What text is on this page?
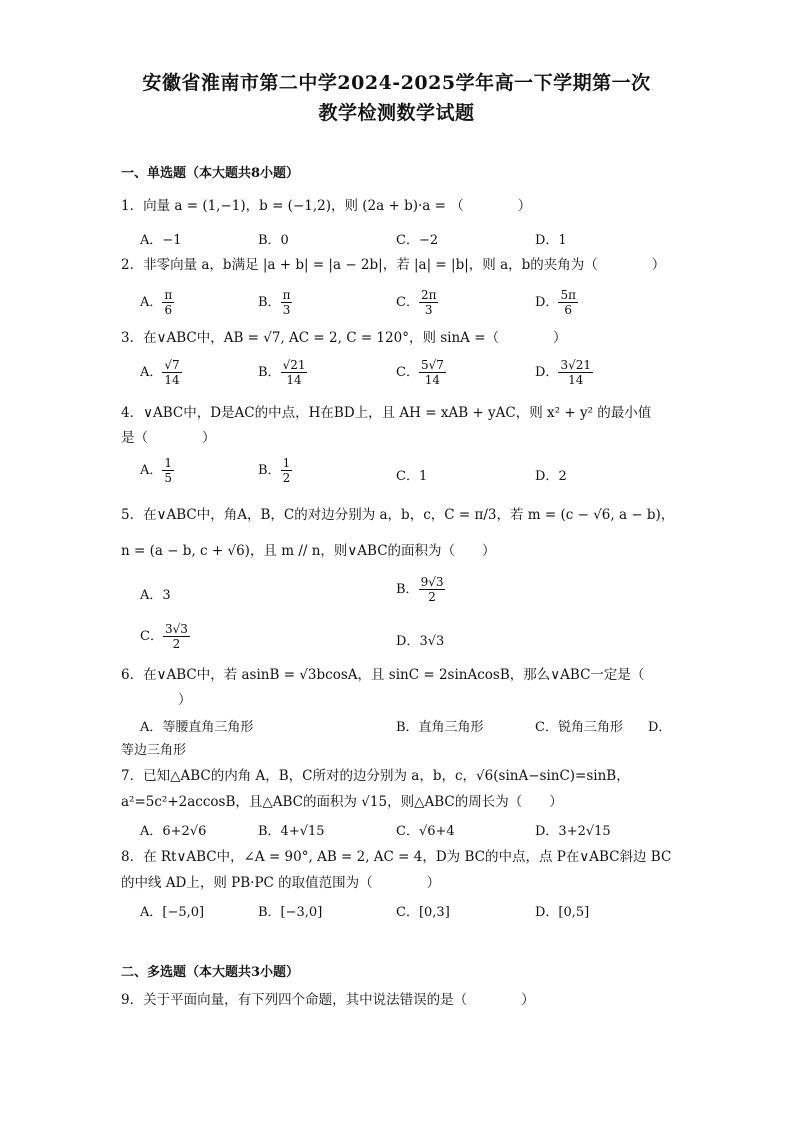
安徽省淮南市第二中学2024-2025学年高一下学期第一次
教学检测数学试题
一、单选题（本大题共8小题）
1．向量 a = (1,−1)，b = (−1,2)，则 (2a + b)·a = （　　　　）
A．−1	B．0	C．−2	D．1
2．非零向量 a，b满足 |a + b| = |a − 2b|，若 |a| = |b|，则 a，b的夹角为（　　　　）
A． $\frac{\pi}{6}$	B． $\frac{\pi}{3}$	C． $\frac{2\pi}{3}$	D． $\frac{5\pi}{6}$
3．在∨ABC中，AB = √7, AC = 2, C = 120°，则 sinA =（　　　　）
A． $\frac{√7}{14}$	B． $\frac{√21}{14}$	C． $\frac{5√7}{14}$	D． $\frac{3√21}{14}$
4．∨ABC中，D是AC的中点，H在BD上，且 AH = xAB + yAC，则 x² + y² 的最小值
是（　　　　）
A． $\frac{1}{5}$	B． $\frac{1}{2}$	C．1	D．2
5．在∨ABC中，角A，B，C的对边分别为 a，b，c，C = π/3，若 m = (c − √6, a − b)，
n = (a − b, c + √6)，且 m // n，则∨ABC的面积为（　　）
A．3	B． $\frac{9√3}{2}$
C． $\frac{3√3}{2}$	D．3√3
6．在∨ABC中，若 asinB = √3bcosA，且 sinC = 2sinAcosB，那么∨ABC一定是（
）
A．等腰直角三角形	B．直角三角形	C．锐角三角形 D．
等边三角形
7．已知△ABC的内角 A，B，C所对的边分别为 a，b，c，√6(sinA−sinC)=sinB，
a²=5c²+2accosB，且△ABC的面积为 √15，则△ABC的周长为（　　）
A．6+2√6	B．4+√15	C．√6+4	D．3+2√15
8．在 Rt∨ABC中，∠A = 90°, AB = 2, AC = 4，D为 BC的中点，点 P在∨ABC斜边 BC
的中线 AD上，则 PB·PC 的取值范围为（　　　　）
A．[−5,0]	B．[−3,0]	C．[0,3]	D．[0,5]
二、多选题（本大题共3小题）
9．关于平面向量，有下列四个命题，其中说法错误的是（　　　　）
